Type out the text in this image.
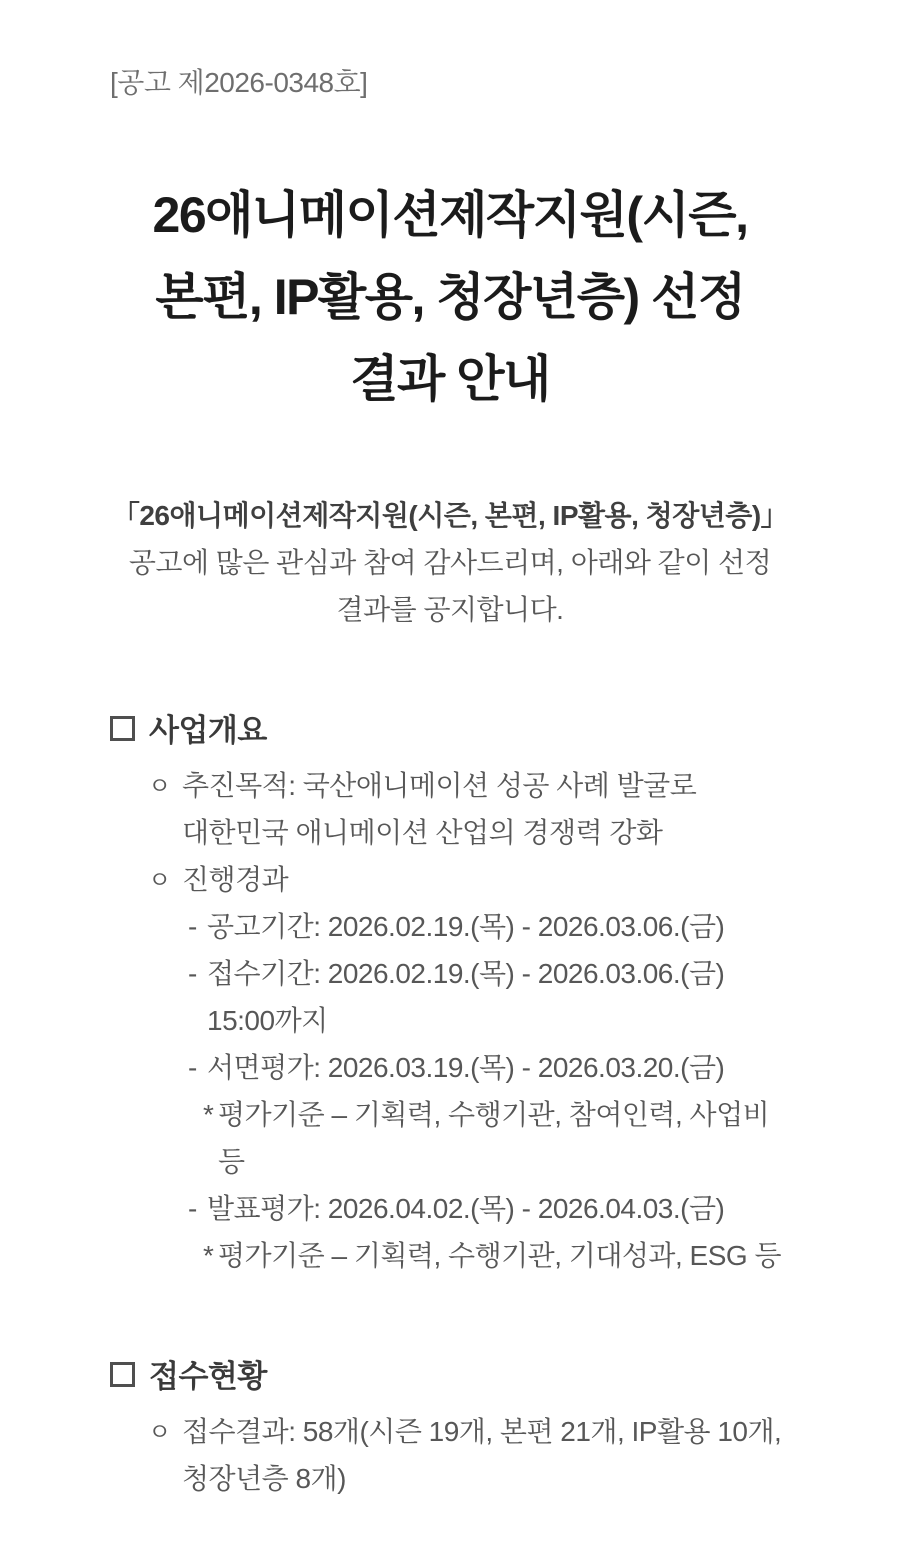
[공고 제2026-0348호]
26애니메이션제작지원(시즌, 본편, IP활용, 청장년층) 선정 결과 안내

「26애니메이션제작지원(시즌, 본편, IP활용, 청장년층)」 공고에 많은 관심과 참여 감사드리며, 아래와 같이 선정 결과를 공지합니다.

사업개요
ㅇ 추진목적: 국산애니메이션 성공 사례 발굴로 대한민국 애니메이션 산업의 경쟁력 강화
ㅇ 진행경과
- 공고기간: 2026.02.19.(목) - 2026.03.06.(금)
- 접수기간: 2026.02.19.(목) - 2026.03.06.(금) 15:00까지
- 서면평가: 2026.03.19.(목) - 2026.03.20.(금)
* 평가기준 – 기획력, 수행기관, 참여인력, 사업비 등
- 발표평가: 2026.04.02.(목) - 2026.04.03.(금)
* 평가기준 – 기획력, 수행기관, 기대성과, ESG 등
접수현황
ㅇ 접수결과: 58개(시즌 19개, 본편 21개, IP활용 10개, 청장년층 8개)
